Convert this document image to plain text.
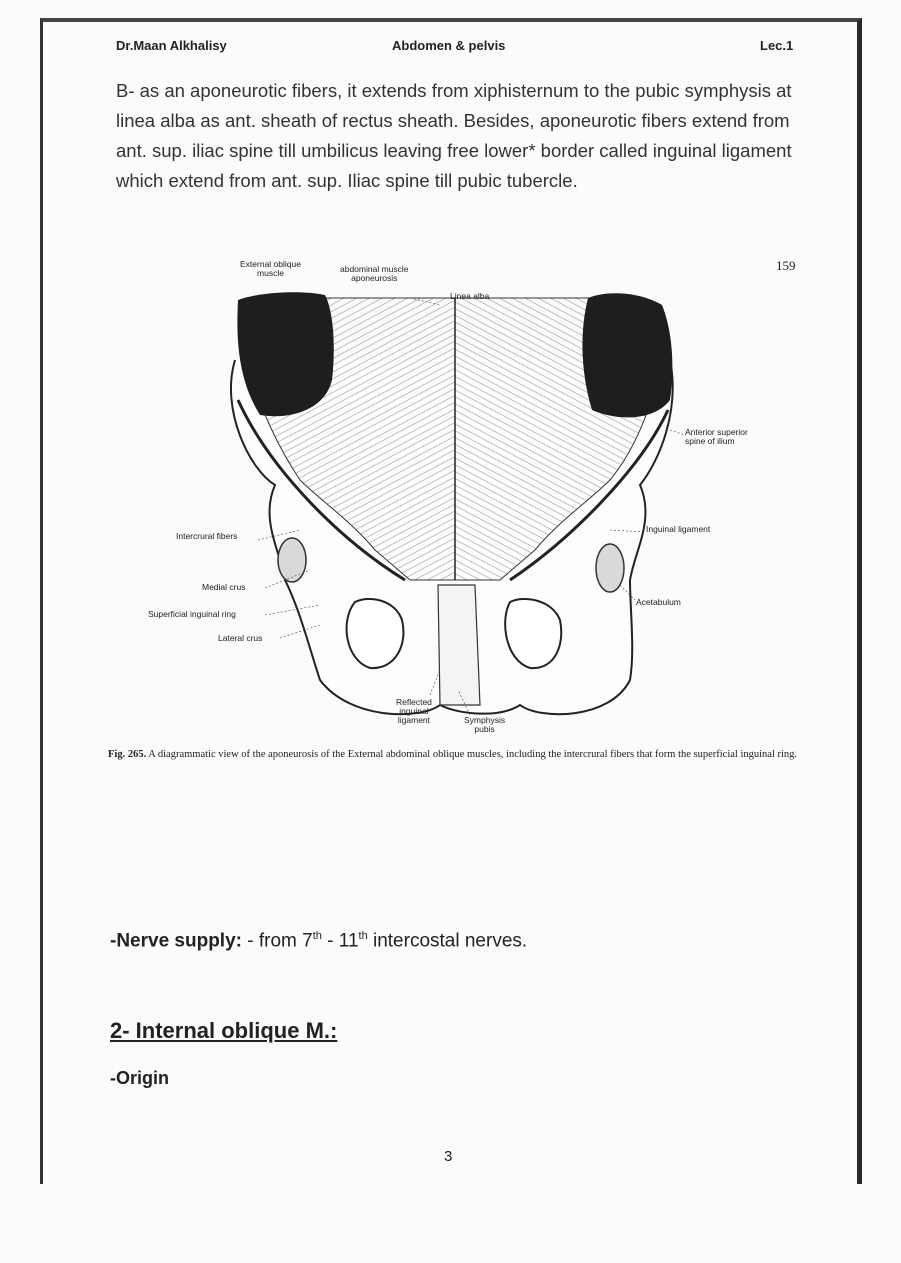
Dr.Maan Alkhalisy	Abdomen & pelvis	Lec.1

B- as an aponeurotic fibers, it extends from xiphisternum to the pubic symphysis at linea alba as ant. sheath of rectus sheath. Besides, aponeurotic fibers extend from ant. sup. iliac spine till umbilicus leaving free lower* border called inguinal ligament which extend from ant. sup. Iliac spine till pubic tubercle.

159
External oblique
muscle	abdominal muscle
aponeurosis
Linea alba
Anterior superior
spine of ilium
Inguinal ligament
Acetabulum
Intercrural fibers
Medial crus
Superficial inguinal ring
Lateral crus
Reflected
inguinal
ligament	Symphysis
pubis

Fig. 265. A diagrammatic view of the aponeurosis of the External abdominal oblique muscles, including the intercrural fibers that form the superficial inguinal ring.

-Nerve supply: - from 7th - 11th intercostal nerves.
2- Internal oblique M.:
-Origin
3
